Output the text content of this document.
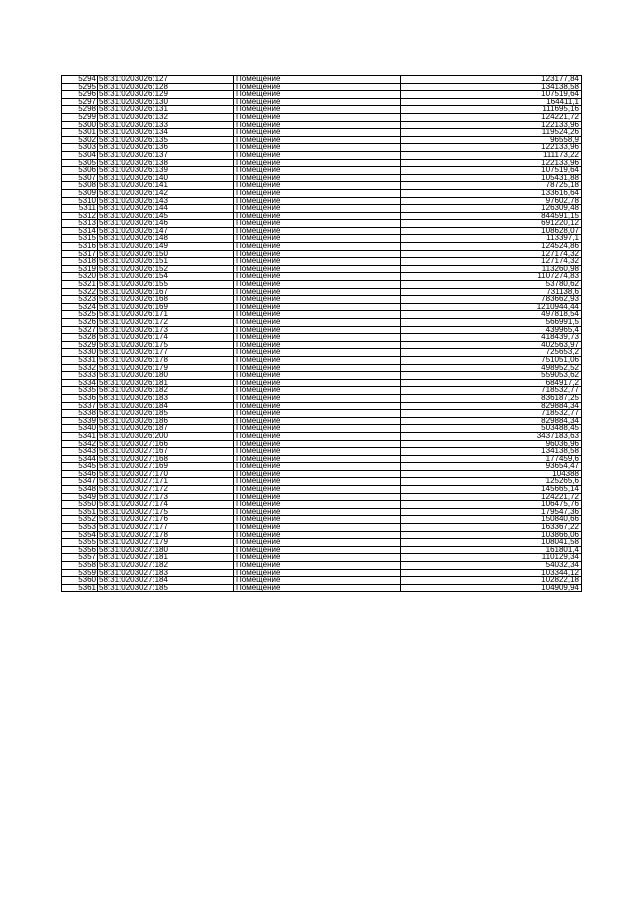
5294	58:31:0203026:127	Помещение	123177,84
5295	58:31:0203026:128	Помещение	134138,58
5296	58:31:0203026:129	Помещение	107519,64
5297	58:31:0203026:130	Помещение	164411,1
5298	58:31:0203026:131	Помещение	111695,16
5299	58:31:0203026:132	Помещение	124221,72
5300	58:31:0203026:133	Помещение	122133,96
5301	58:31:0203026:134	Помещение	119524,26
5302	58:31:0203026:135	Помещение	96558,9
5303	58:31:0203026:136	Помещение	122133,96
5304	58:31:0203026:137	Помещение	111173,22
5305	58:31:0203026:138	Помещение	122133,96
5306	58:31:0203026:139	Помещение	107519,64
5307	58:31:0203026:140	Помещение	105431,88
5308	58:31:0203026:141	Помещение	78725,18
5309	58:31:0203026:142	Помещение	133616,64
5310	58:31:0203026:143	Помещение	97602,78
5311	58:31:0203026:144	Помещение	126309,48
5312	58:31:0203026:145	Помещение	844591,15
5313	58:31:0203026:146	Помещение	691220,12
5314	58:31:0203026:147	Помещение	108628,07
5315	58:31:0203026:148	Помещение	113397,1
5316	58:31:0203026:149	Помещение	124524,86
5317	58:31:0203026:150	Помещение	127174,32
5318	58:31:0203026:151	Помещение	127174,32
5319	58:31:0203026:152	Помещение	113260,98
5320	58:31:0203026:154	Помещение	1107274,83
5321	58:31:0203026:155	Помещение	53780,62
5322	58:31:0203026:167	Помещение	731138,6
5323	58:31:0203026:168	Помещение	783662,93
5324	58:31:0203026:169	Помещение	1210944,44
5325	58:31:0203026:171	Помещение	497818,54
5326	58:31:0203026:172	Помещение	566991,5
5327	58:31:0203026:173	Помещение	439965,4
5328	58:31:0203026:174	Помещение	418439,73
5329	58:31:0203026:175	Помещение	402563,97
5330	58:31:0203026:177	Помещение	725653,2
5331	58:31:0203026:178	Помещение	751051,06
5332	58:31:0203026:179	Помещение	498952,52
5333	58:31:0203026:180	Помещение	559053,62
5334	58:31:0203026:181	Помещение	684917,2
5335	58:31:0203026:182	Помещение	718532,77
5336	58:31:0203026:183	Помещение	836187,25
5337	58:31:0203026:184	Помещение	829884,34
5338	58:31:0203026:185	Помещение	718532,77
5339	58:31:0203026:186	Помещение	829884,34
5340	58:31:0203026:187	Помещение	503488,45
5341	58:31:0203026:200	Помещение	3437183,63
5342	58:31:0203027:166	Помещение	96036,96
5343	58:31:0203027:167	Помещение	134138,58
5344	58:31:0203027:168	Помещение	177459,6
5345	58:31:0203027:169	Помещение	93654,47
5346	58:31:0203027:170	Помещение	104388
5347	58:31:0203027:171	Помещение	125265,6
5348	58:31:0203027:172	Помещение	145665,14
5349	58:31:0203027:173	Помещение	124221,72
5350	58:31:0203027:174	Помещение	106475,76
5351	58:31:0203027:175	Помещение	179547,36
5352	58:31:0203027:176	Помещение	150840,66
5353	58:31:0203027:177	Помещение	163367,22
5354	58:31:0203027:178	Помещение	103866,06
5355	58:31:0203027:179	Помещение	108041,58
5356	58:31:0203027:180	Помещение	161801,4
5357	58:31:0203027:181	Помещение	110129,34
5358	58:31:0203027:182	Помещение	54032,34
5359	58:31:0203027:183	Помещение	103344,12
5360	58:31:0203027:184	Помещение	102822,18
5361	58:31:0203027:185	Помещение	104909,94
